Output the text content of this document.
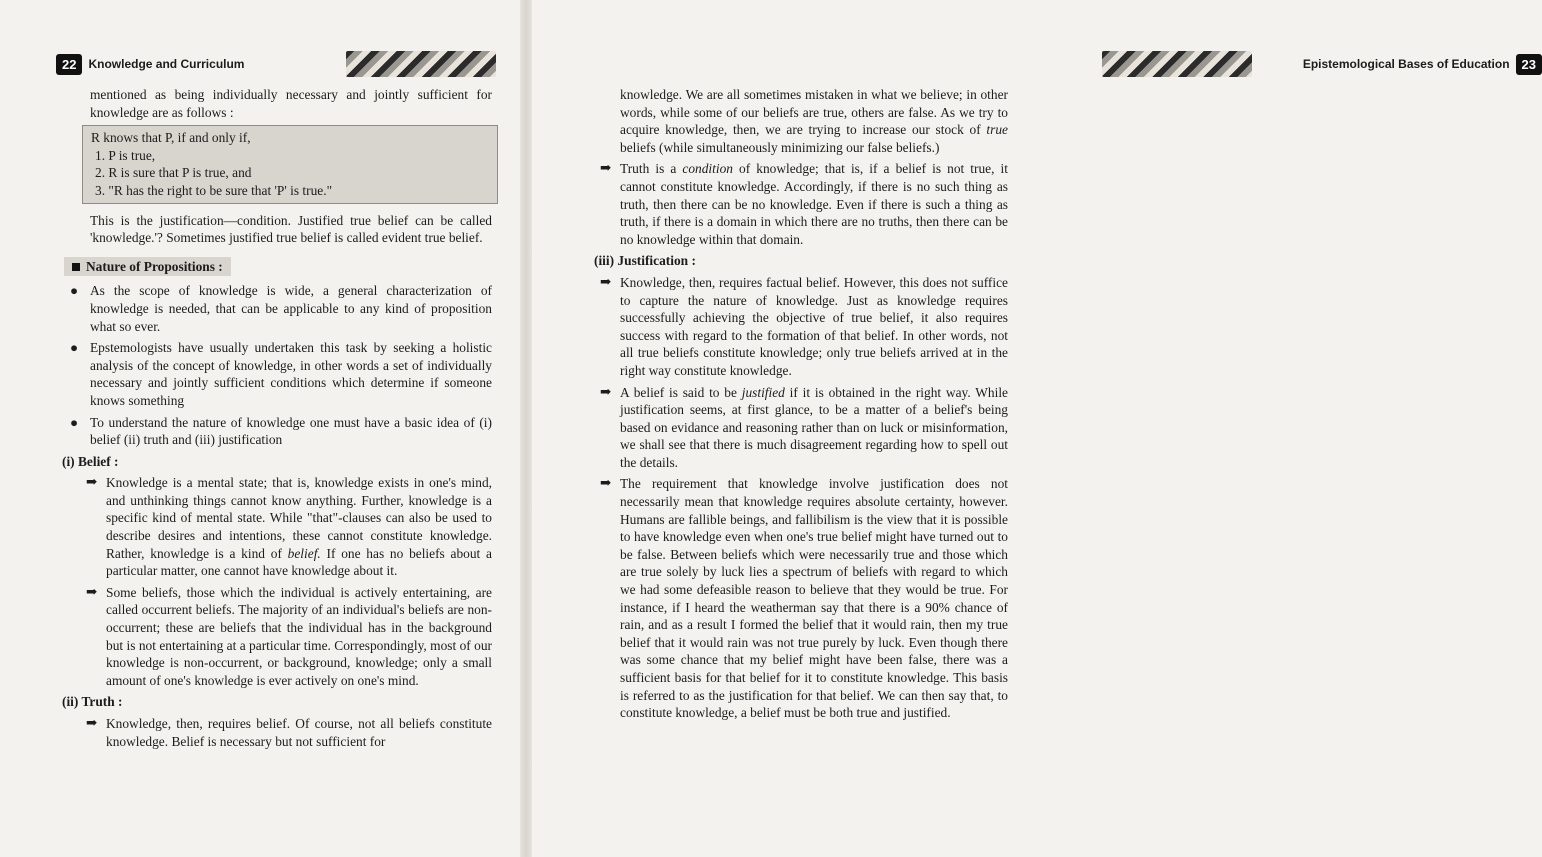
22	Knowledge and Curriculum

mentioned as being individually necessary and jointly sufficient for knowledge are as follows :

R knows that P, if and only if,
1. P is true,
2. R is sure that P is true, and
3. "R has the right to be sure that 'P' is true."

This is the justification—condition. Justified true belief can be called 'knowledge.'? Sometimes justified true belief is called evident true belief.

Nature of Propositions :
● As the scope of knowledge is wide, a general characterization of knowledge is needed, that can be applicable to any kind of proposition what so ever.
● Epstemologists have usually undertaken this task by seeking a holistic analysis of the concept of knowledge, in other words a set of individually necessary and jointly sufficient conditions which determine if someone knows something
● To understand the nature of knowledge one must have a basic idea of (i) belief (ii) truth and (iii) justification
(i) Belief :
➡ Knowledge is a mental state; that is, knowledge exists in one's mind, and unthinking things cannot know anything. Further, knowledge is a specific kind of mental state. While "that"-clauses can also be used to describe desires and intentions, these cannot constitute knowledge. Rather, knowledge is a kind of belief. If one has no beliefs about a particular matter, one cannot have knowledge about it.
➡ Some beliefs, those which the individual is actively entertaining, are called occurrent beliefs. The majority of an individual's beliefs are non-occurrent; these are beliefs that the individual has in the background but is not entertaining at a particular time. Correspondingly, most of our knowledge is non-occurrent, or background, knowledge; only a small amount of one's knowledge is ever actively on one's mind.
(ii) Truth :
➡ Knowledge, then, requires belief. Of course, not all beliefs constitute knowledge. Belief is necessary but not sufficient for
Epistemological Bases of Education 23

knowledge. We are all sometimes mistaken in what we believe; in other words, while some of our beliefs are true, others are false. As we try to acquire knowledge, then, we are trying to increase our stock of true beliefs (while simultaneously minimizing our false beliefs.)

➡ Truth is a condition of knowledge; that is, if a belief is not true, it cannot constitute knowledge. Accordingly, if there is no such thing as truth, then there can be no knowledge. Even if there is such a thing as truth, if there is a domain in which there are no truths, then there can be no knowledge within that domain.
(iii) Justification :
➡ Knowledge, then, requires factual belief. However, this does not suffice to capture the nature of knowledge. Just as knowledge requires successfully achieving the objective of true belief, it also requires success with regard to the formation of that belief. In other words, not all true beliefs constitute knowledge; only true beliefs arrived at in the right way constitute knowledge.
➡ A belief is said to be justified if it is obtained in the right way. While justification seems, at first glance, to be a matter of a belief's being based on evidance and reasoning rather than on luck or misinformation, we shall see that there is much disagreement regarding how to spell out the details.
➡ The requirement that knowledge involve justification does not necessarily mean that knowledge requires absolute certainty, however. Humans are fallible beings, and fallibilism is the view that it is possible to have knowledge even when one's true belief might have turned out to be false. Between beliefs which were necessarily true and those which are true solely by luck lies a spectrum of beliefs with regard to which we had some defeasible reason to believe that they would be true. For instance, if I heard the weatherman say that there is a 90% chance of rain, and as a result I formed the belief that it would rain, then my true belief that it would rain was not true purely by luck. Even though there was some chance that my belief might have been false, there was a sufficient basis for that belief for it to constitute knowledge. This basis is referred to as the justification for that belief. We can then say that, to constitute knowledge, a belief must be both true and justified.
